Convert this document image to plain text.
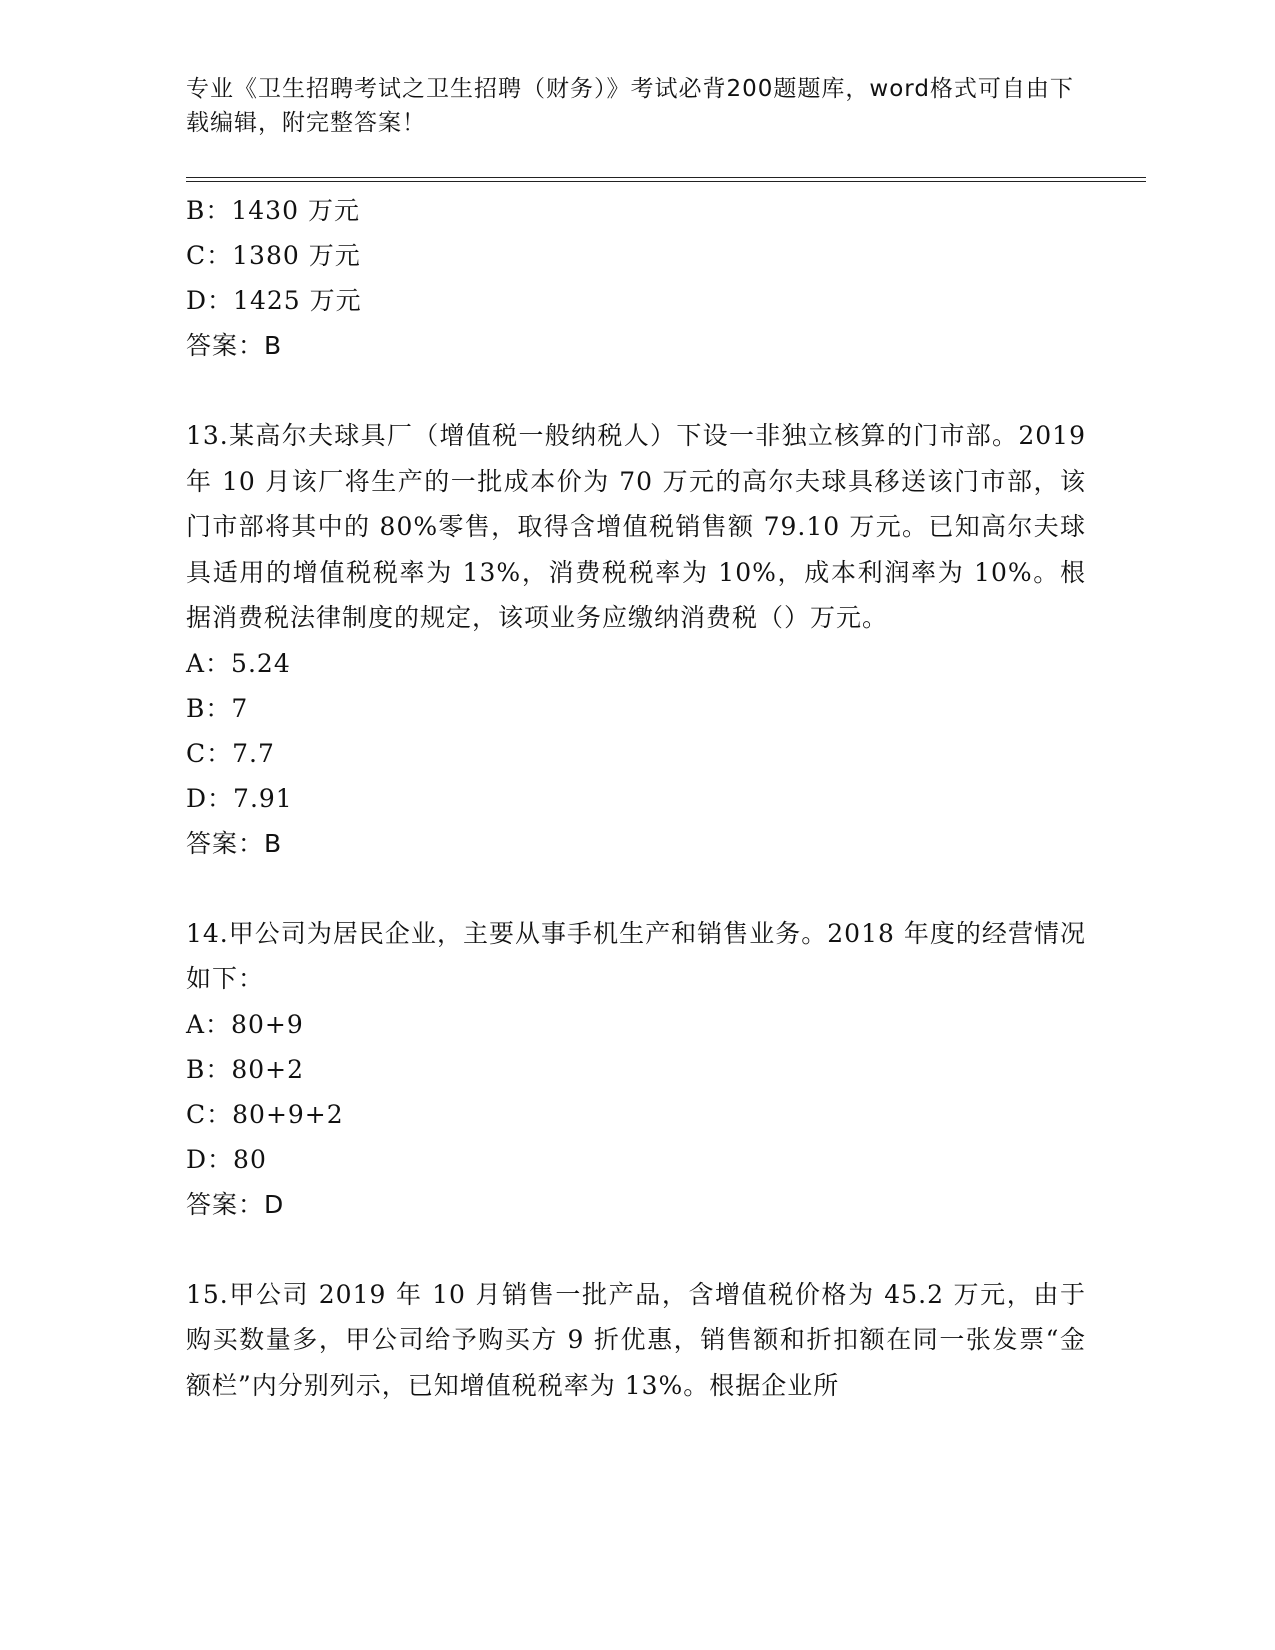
专业《卫生招聘考试之卫生招聘（财务）》考试必背200题题库，word格式可自由下载编辑，附完整答案！
B：1430 万元
C：1380 万元
D：1425 万元
答案：B
13.某高尔夫球具厂（增值税一般纳税人）下设一非独立核算的门市部。2019 年 10 月该厂将生产的一批成本价为 70 万元的高尔夫球具移送该门市部，该门市部将其中的 80%零售，取得含增值税销售额 79.10 万元。已知高尔夫球具适用的增值税税率为 13%，消费税税率为 10%，成本利润率为 10%。根据消费税法律制度的规定，该项业务应缴纳消费税（）万元。
A：5.24
B：7
C：7.7
D：7.91
答案：B
14.甲公司为居民企业，主要从事手机生产和销售业务。2018 年度的经营情况如下：
A：80+9
B：80+2
C：80+9+2
D：80
答案：D
15.甲公司 2019 年 10 月销售一批产品，含增值税价格为 45.2 万元，由于购买数量多，甲公司给予购买方 9 折优惠，销售额和折扣额在同一张发票“金额栏”内分别列示，已知增值税税率为 13%。根据企业所
